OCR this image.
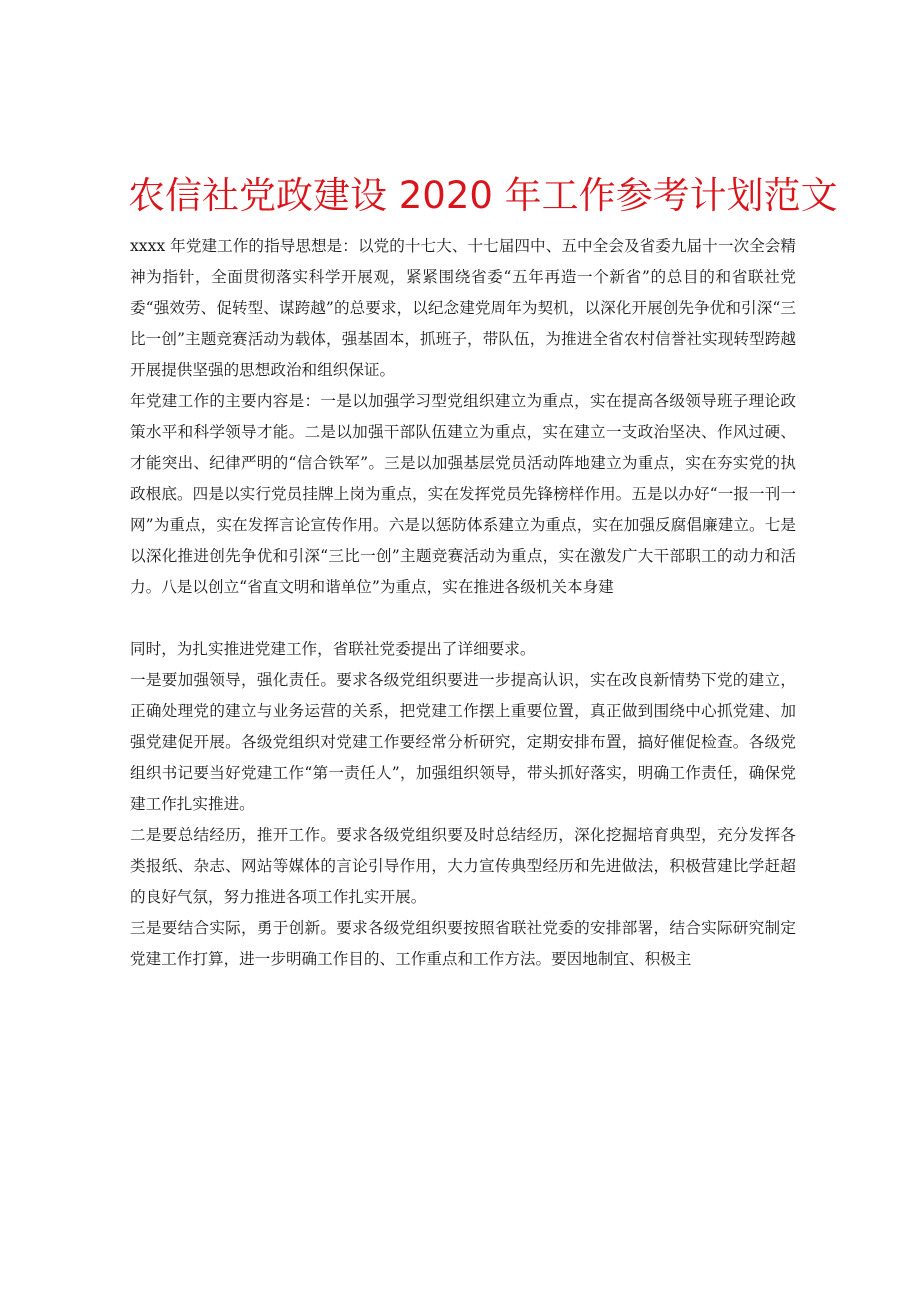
农信社党政建设 2020 年工作参考计划范文

xxxx 年党建工作的指导思想是：以党的十七大、十七届四中、五中全会及省委九届十一次全会精神为指针，全面贯彻落实科学开展观，紧紧围绕省委“五年再造一个新省”的总目的和省联社党委“强效劳、促转型、谋跨越”的总要求，以纪念建党周年为契机，以深化开展创先争优和引深“三比一创”主题竞赛活动为载体，强基固本，抓班子，带队伍，为推进全省农村信誉社实现转型跨越开展提供坚强的思想政治和组织保证。

年党建工作的主要内容是：一是以加强学习型党组织建立为重点，实在提高各级领导班子理论政策水平和科学领导才能。二是以加强干部队伍建立为重点，实在建立一支政治坚决、作风过硬、才能突出、纪律严明的“信合铁军”。三是以加强基层党员活动阵地建立为重点，实在夯实党的执政根底。四是以实行党员挂牌上岗为重点，实在发挥党员先锋榜样作用。五是以办好“一报一刊一网”为重点，实在发挥言论宣传作用。六是以惩防体系建立为重点，实在加强反腐倡廉建立。七是以深化推进创先争优和引深“三比一创”主题竞赛活动为重点，实在激发广大干部职工的动力和活力。八是以创立“省直文明和谐单位”为重点，实在推进各级机关本身建

同时，为扎实推进党建工作，省联社党委提出了详细要求。

一是要加强领导，强化责任。要求各级党组织要进一步提高认识，实在改良新情势下党的建立，正确处理党的建立与业务运营的关系，把党建工作摆上重要位置，真正做到围绕中心抓党建、加强党建促开展。各级党组织对党建工作要经常分析研究，定期安排布置，搞好催促检查。各级党组织书记要当好党建工作“第一责任人”，加强组织领导，带头抓好落实，明确工作责任，确保党建工作扎实推进。

二是要总结经历，推开工作。要求各级党组织要及时总结经历，深化挖掘培育典型，充分发挥各类报纸、杂志、网站等媒体的言论引导作用，大力宣传典型经历和先进做法，积极营建比学赶超的良好气氛，努力推进各项工作扎实开展。

三是要结合实际，勇于创新。要求各级党组织要按照省联社党委的安排部署，结合实际研究制定党建工作打算，进一步明确工作目的、工作重点和工作方法。要因地制宜、积极主
